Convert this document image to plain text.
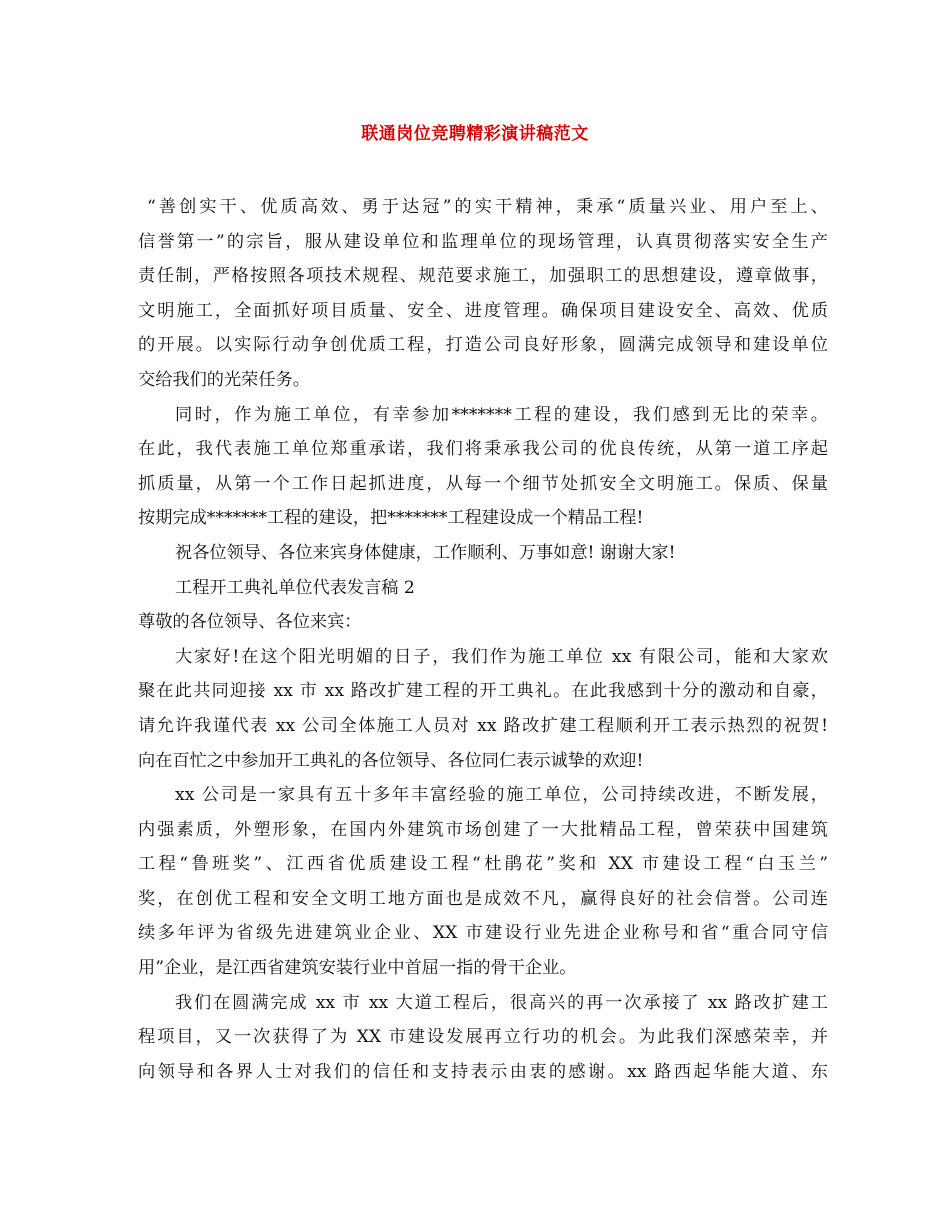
联通岗位竞聘精彩演讲稿范文
“善创实干、优质高效、勇于达冠”的实干精神，秉承“质量兴业、用户至上、
信誉第一”的宗旨，服从建设单位和监理单位的现场管理，认真贯彻落实安全生产
责任制，严格按照各项技术规程、规范要求施工，加强职工的思想建设，遵章做事，
文明施工，全面抓好项目质量、安全、进度管理。确保项目建设安全、高效、优质
的开展。以实际行动争创优质工程，打造公司良好形象，圆满完成领导和建设单位
交给我们的光荣任务。
同时，作为施工单位，有幸参加*******工程的建设，我们感到无比的荣幸。
在此，我代表施工单位郑重承诺，我们将秉承我公司的优良传统，从第一道工序起
抓质量，从第一个工作日起抓进度，从每一个细节处抓安全文明施工。保质、保量
按期完成*******工程的建设，把*******工程建设成一个精品工程!
祝各位领导、各位来宾身体健康，工作顺利、万事如意! 谢谢大家!
工程开工典礼单位代表发言稿 2
尊敬的各位领导、各位来宾：
大家好!在这个阳光明媚的日子，我们作为施工单位 xx 有限公司，能和大家欢
聚在此共同迎接 xx 市 xx 路改扩建工程的开工典礼。在此我感到十分的激动和自豪，
请允许我谨代表 xx 公司全体施工人员对 xx 路改扩建工程顺利开工表示热烈的祝贺!
向在百忙之中参加开工典礼的各位领导、各位同仁表示诚挚的欢迎!
xx 公司是一家具有五十多年丰富经验的施工单位，公司持续改进，不断发展，
内强素质，外塑形象，在国内外建筑市场创建了一大批精品工程，曾荣获中国建筑
工程“鲁班奖”、江西省优质建设工程“杜鹃花”奖和 XX 市建设工程“白玉兰”
奖，在创优工程和安全文明工地方面也是成效不凡，赢得良好的社会信誉。公司连
续多年评为省级先进建筑业企业、XX 市建设行业先进企业称号和省“重合同守信
用”企业，是江西省建筑安装行业中首屈一指的骨干企业。
我们在圆满完成 xx 市 xx 大道工程后，很高兴的再一次承接了 xx 路改扩建工
程项目，又一次获得了为 XX 市建设发展再立行功的机会。为此我们深感荣幸，并
向领导和各界人士对我们的信任和支持表示由衷的感谢。xx 路西起华能大道、东
